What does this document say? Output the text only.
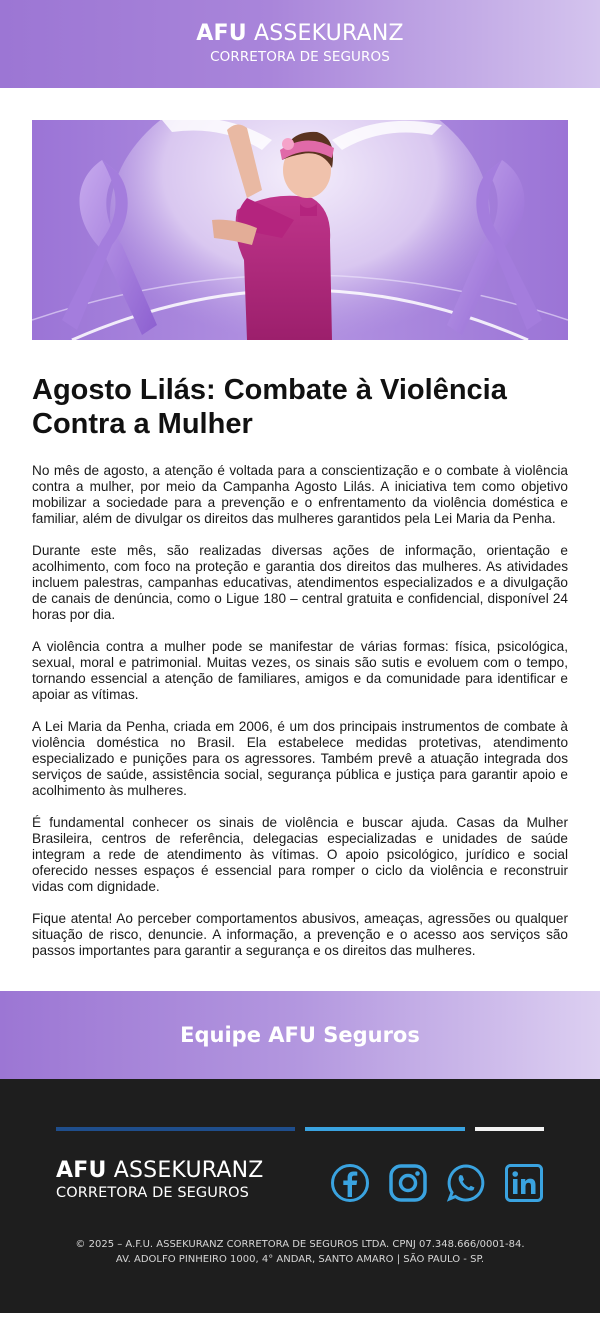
AFU ASSEKURANZ
CORRETORA DE SEGUROS
Agosto Lilás: Combate à Violência Contra a Mulher

No mês de agosto, a atenção é voltada para a conscientização e o combate à violência contra a mulher, por meio da Campanha Agosto Lilás. A iniciativa tem como objetivo mobilizar a sociedade para a prevenção e o enfrentamento da violência doméstica e familiar, além de divulgar os direitos das mulheres garantidos pela Lei Maria da Penha.

Durante este mês, são realizadas diversas ações de informação, orientação e acolhimento, com foco na proteção e garantia dos direitos das mulheres. As atividades incluem palestras, campanhas educativas, atendimentos especializados e a divulgação de canais de denúncia, como o Ligue 180 – central gratuita e confidencial, disponível 24 horas por dia.

A violência contra a mulher pode se manifestar de várias formas: física, psicológica, sexual, moral e patrimonial. Muitas vezes, os sinais são sutis e evoluem com o tempo, tornando essencial a atenção de familiares, amigos e da comunidade para identificar e apoiar as vítimas.

A Lei Maria da Penha, criada em 2006, é um dos principais instrumentos de combate à violência doméstica no Brasil. Ela estabelece medidas protetivas, atendimento especializado e punições para os agressores. Também prevê a atuação integrada dos serviços de saúde, assistência social, segurança pública e justiça para garantir apoio e acolhimento às mulheres.

É fundamental conhecer os sinais de violência e buscar ajuda. Casas da Mulher Brasileira, centros de referência, delegacias especializadas e unidades de saúde integram a rede de atendimento às vítimas. O apoio psicológico, jurídico e social oferecido nesses espaços é essencial para romper o ciclo da violência e reconstruir vidas com dignidade.

Fique atenta! Ao perceber comportamentos abusivos, ameaças, agressões ou qualquer situação de risco, denuncie. A informação, a prevenção e o acesso aos serviços são passos importantes para garantir a segurança e os direitos das mulheres.

Equipe AFU Seguros
AFU ASSEKURANZ
CORRETORA DE SEGUROS
© 2025 – A.F.U. ASSEKURANZ CORRETORA DE SEGUROS LTDA. CPNJ 07.348.666/0001-84.
AV. ADOLFO PINHEIRO 1000, 4° ANDAR, SANTO AMARO | SÃO PAULO - SP.
